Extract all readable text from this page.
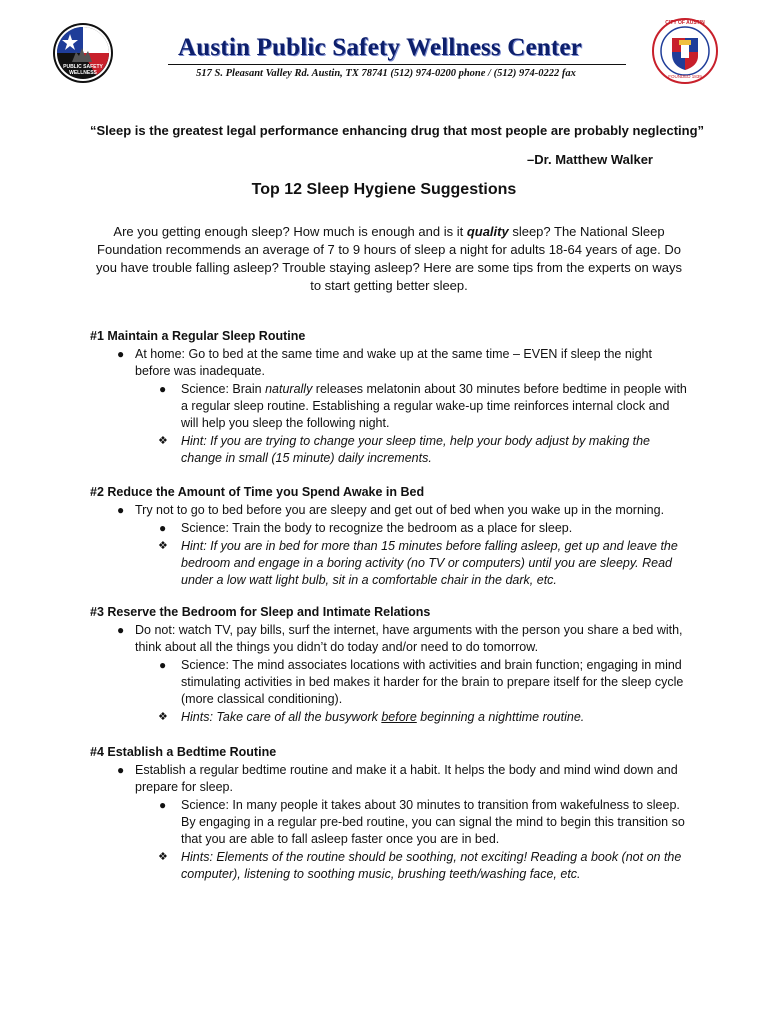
PUBLIC SAFETY WELLNESS
Austin Public Safety Wellness Center
517 S. Pleasant Valley Rd. Austin, TX 78741 (512) 974-0200 phone / (512) 974-0222 fax
CITY OF AUSTIN
FOUNDED 1839
“Sleep is the greatest legal performance enhancing drug that most people are probably neglecting”
–Dr. Matthew Walker
Top 12 Sleep Hygiene Suggestions
Are you getting enough sleep? How much is enough and is it quality sleep? The National Sleep Foundation recommends an average of 7 to 9 hours of sleep a night for adults 18-64 years of age. Do you have trouble falling asleep? Trouble staying asleep? Here are some tips from the experts on ways to start getting better sleep.
#1 Maintain a Regular Sleep Routine
● At home: Go to bed at the same time and wake up at the same time – EVEN if sleep the night before was inadequate.
● Science: Brain naturally releases melatonin about 30 minutes before bedtime in people with a regular sleep routine. Establishing a regular wake-up time reinforces internal clock and will help you sleep the following night.
❖ Hint: If you are trying to change your sleep time, help your body adjust by making the change in small (15 minute) daily increments.
#2 Reduce the Amount of Time you Spend Awake in Bed
● Try not to go to bed before you are sleepy and get out of bed when you wake up in the morning.
● Science: Train the body to recognize the bedroom as a place for sleep.
❖ Hint: If you are in bed for more than 15 minutes before falling asleep, get up and leave the bedroom and engage in a boring activity (no TV or computers) until you are sleepy. Read under a low watt light bulb, sit in a comfortable chair in the dark, etc.
#3 Reserve the Bedroom for Sleep and Intimate Relations
● Do not: watch TV, pay bills, surf the internet, have arguments with the person you share a bed with, think about all the things you didn’t do today and/or need to do tomorrow.
● Science: The mind associates locations with activities and brain function; engaging in mind stimulating activities in bed makes it harder for the brain to prepare itself for the sleep cycle (more classical conditioning).
❖ Hints: Take care of all the busywork before beginning a nighttime routine.
#4 Establish a Bedtime Routine
● Establish a regular bedtime routine and make it a habit. It helps the body and mind wind down and prepare for sleep.
● Science: In many people it takes about 30 minutes to transition from wakefulness to sleep. By engaging in a regular pre-bed routine, you can signal the mind to begin this transition so that you are able to fall asleep faster once you are in bed.
❖ Hints: Elements of the routine should be soothing, not exciting! Reading a book (not on the computer), listening to soothing music, brushing teeth/washing face, etc.
